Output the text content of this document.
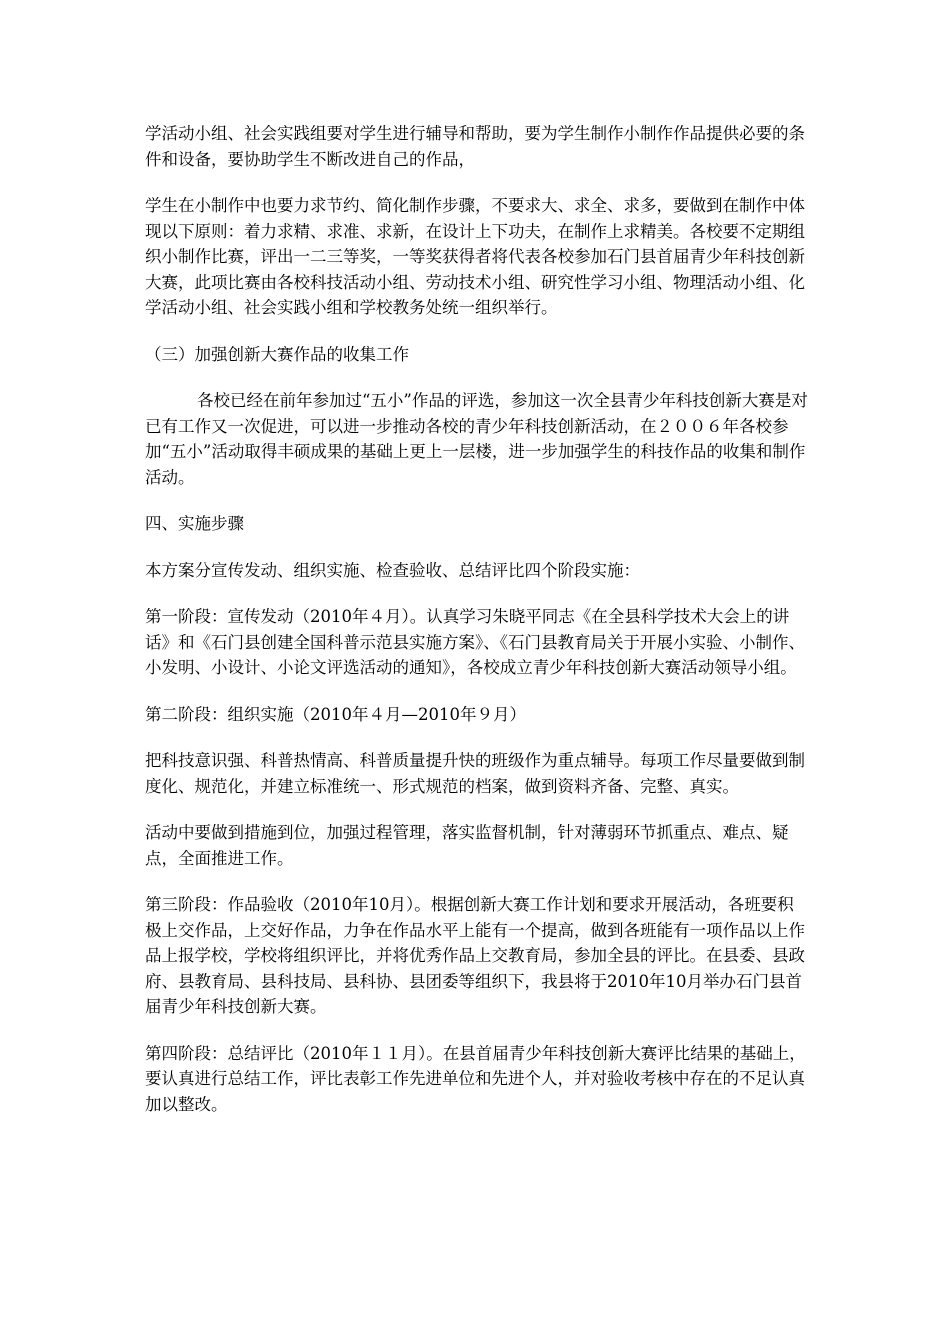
学活动小组、社会实践组要对学生进行辅导和帮助，要为学生制作小制作作品提供必要的条件和设备，要协助学生不断改进自己的作品，

学生在小制作中也要力求节约、简化制作步骤，不要求大、求全、求多，要做到在制作中体现以下原则：着力求精、求准、求新，在设计上下功夫，在制作上求精美。各校要不定期组织小制作比赛，评出一二三等奖，一等奖获得者将代表各校参加石门县首届青少年科技创新大赛，此项比赛由各校科技活动小组、劳动技术小组、研究性学习小组、物理活动小组、化学活动小组、社会实践小组和学校教务处统一组织举行。

（三）加强创新大赛作品的收集工作

各校已经在前年参加过“五小”作品的评选，参加这一次全县青少年科技创新大赛是对已有工作又一次促进，可以进一步推动各校的青少年科技创新活动，在２００６年各校参加“五小”活动取得丰硕成果的基础上更上一层楼，进一步加强学生的科技作品的收集和制作活动。

四、实施步骤

本方案分宣传发动、组织实施、检查验收、总结评比四个阶段实施：

第一阶段：宣传发动（2010年４月）。认真学习朱晓平同志《在全县科学技术大会上的讲话》和《石门县创建全国科普示范县实施方案》、《石门县教育局关于开展小实验、小制作、小发明、小设计、小论文评选活动的通知》，各校成立青少年科技创新大赛活动领导小组。

第二阶段：组织实施（2010年４月—2010年９月）

把科技意识强、科普热情高、科普质量提升快的班级作为重点辅导。每项工作尽量要做到制度化、规范化，并建立标准统一、形式规范的档案，做到资料齐备、完整、真实。

活动中要做到措施到位，加强过程管理，落实监督机制，针对薄弱环节抓重点、难点、疑点，全面推进工作。

第三阶段：作品验收（2010年10月）。根据创新大赛工作计划和要求开展活动，各班要积极上交作品，上交好作品，力争在作品水平上能有一个提高，做到各班能有一项作品以上作品上报学校，学校将组织评比，并将优秀作品上交教育局，参加全县的评比。在县委、县政府、县教育局、县科技局、县科协、县团委等组织下，我县将于2010年10月举办石门县首届青少年科技创新大赛。

第四阶段：总结评比（2010年１１月）。在县首届青少年科技创新大赛评比结果的基础上，要认真进行总结工作，评比表彰工作先进单位和先进个人，并对验收考核中存在的不足认真加以整改。
